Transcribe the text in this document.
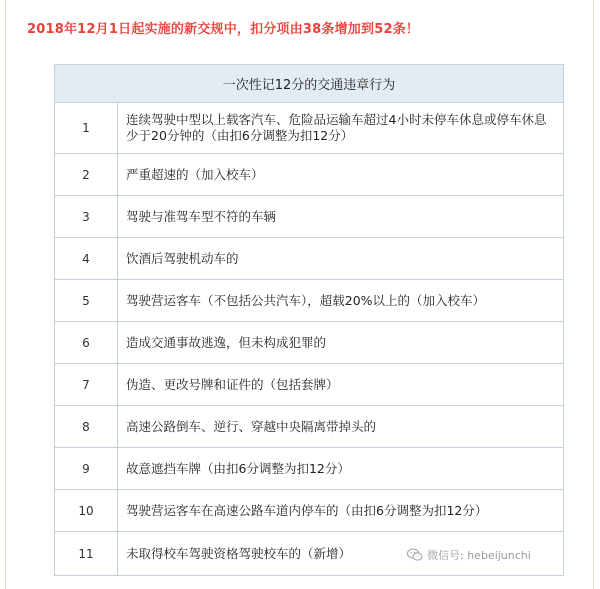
2018年12月1日起实施的新交规中，扣分项由38条增加到52条！
一次性记12分的交通违章行为	
1	连续驾驶中型以上载客汽车、危险品运输车超过4小时未停车休息或停车休息少于20分钟的（由扣6分调整为扣12分）
2	严重超速的（加入校车）
3	驾驶与准驾车型不符的车辆
4	饮酒后驾驶机动车的
5	驾驶营运客车（不包括公共汽车），超载20%以上的（加入校车）
6	造成交通事故逃逸，但未构成犯罪的
7	伪造、更改号牌和证件的（包括套牌）
8	高速公路倒车、逆行、穿越中央隔离带掉头的
9	故意遮挡车牌（由扣6分调整为扣12分）
10	驾驶营运客车在高速公路车道内停车的（由扣6分调整为扣12分）
11	未取得校车驾驶资格驾驶校车的（新增）	微信号: hebeijunchi
